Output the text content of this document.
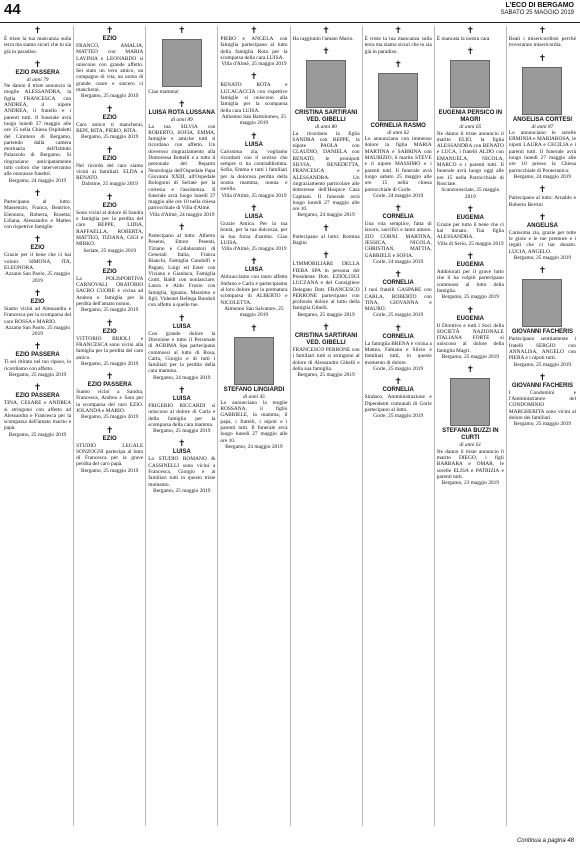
44	L'ECO DI BERGAMO
SABATO 25 MAGGIO 2019
✝
È triste la tua mancanza sulla terra ma siamo sicuri che tu sia già in paradiso.
✝
EZIO PASSERA
di anni 79
Ne danno il triste annuncio la moglie ALESSANDRA, la figlia FRANCESCA con ANDREA, il nipote ANDREA, il fratello e i parenti tutti. Il funerale avrà luogo lunedì 27 maggio alle ore 15 nella Chiesa Ospitaletti del Cimitero di Bergamo, partendo dalla camera mortuaria dell'Istituto Palazzolo di Bergamo. Si ringraziano anticipatamente tutti coloro che interverranno alle onoranze funebri.
Bergamo, 24 maggio 2019
✝
Partecipano al lutto: Massenzio, Franca, Beatrice, Eleonora, Roberta, Rosetta; Liliana, Alessandro e Matteo con rispettive famiglie
✝
EZIO
Grazie per il bene che ci hai voluto: SIMONA, ITA, ELEONORA.
Azzano San Paolo, 25 maggio 2019
✝
EZIO
Siamo vicini ad Alessandra e Francesca per la scomparsa del caro ROSSA e MARIO.
Azzano San Paolo, 25 maggio 2019
✝
EZIO PASSERA
Ti sei ritirato nel tuo riposo, lo ricordiamo con affetto.
Bergamo, 25 maggio 2019
✝
EZIO PASSERA
TINA, CESARE e ANDREA si stringono con affetto ad Alessandra e Francesca per la scomparsa dell'amato marito e papà.
Bergamo, 25 maggio 2019
✝
EZIO
FRANCO, AMALIA, MATTEO con MARIA LAVINIA e LEONARDO si uniscono con grande affetto. Sei stato un vero amico, un compagno di vita, un uomo di grande cuore e sincero ci mancherai.
Bergamo, 25 maggio 2019
✝
EZIO
Caro amico ti mancherai, BEPI, RITA, PIERO, RITA.
Bergamo, 25 maggio 2019
✝
EZIO
Nel ricordo del caro siamo vicini ai familiari. ELDA e RENATO.
Dalmine, 25 maggio 2019
✝
EZIO
Sono vicini al dolore di Sandra e famiglia per la perdita del caro BEPPE, LIDIA, RAFFAELLA, ROBERTA, MATTEO, TIZIANA, GIGI e MIRKO.
Seriate, 25 maggio 2019
✝
EZIO
La POLISPORTIVA CARNOVALI ORATORIO SACRO CUORE è vicina ad Andrea e famiglia per la perdita dell'amato nonno.
Bergamo, 25 maggio 2019
✝
EZIO
VITTORIO BRIOLI e FRANCESCA sono vicini alla famiglia per la perdita del caro amico.
Bergamo, 25 maggio 2019
✝
EZIO PASSERA
Siamo vicini a Sandra, Francesca, Andrea e Sara per la scomparsa del caro EZIO. JOLANDA e MARIO.
Bergamo, 25 maggio 2019
✝
EZIO
STUDIO LEGALE SONZOGNI partecipa al lutto di Francesca per la grave perdita del caro papà.
Bergamo, 25 maggio 2019
✝
Ciao mamma!
✝
LUISA ROTA LUSSANA
di anni 89
La tua SILVIA con ROBERTO, SOFIA, EMMA, famiglie e amiche tutti ti ricordano con affetto. Un doveroso ringraziamento alla Dottoressa Bottelli e a tutto il personale del Reparto Neurologia dell'Ospedale Papa Giovanni XXIII, all'Ospedale Bolognini di Seriate per la cortesia e l'assistenza. Il funerale avrà luogo lunedì 27 maggio alle ore 10 nella chiesa parrocchiale di Villa d'Almè.
Villa d'Almè, 24 maggio 2019
✝
Partecipano al lutto: Alberto Pesenti, Ettore Pesenti, Tiziano e Collaboratori di Generali Italia, Franca Bianchi, Famiglia Gandolfi e Pagani, Luigi ed Ester con Viviana e Gianluca, Famiglia Gotti, Baldi con nonlasciare, Laura e Aldo Frosio con famiglia, Ignazio, Massimo e figli, Videotel Bellega Bondoli con affetto a quelle tue.
✝
LUISA
Con grande dolore la Direzione e tutto il Personale di AGRIMA Spa partecipano commossi al lutto di Rosa, Carla, Giorgio e di tutti i familiari per la perdita della cara mamma.
Bergamo, 24 maggio 2019
✝
LUISA
FRIGERIO RICCARDI si uniscono al dolore di Carla e della famiglia per la scomparsa della cara mamma.
Bergamo, 25 maggio 2019
✝
LUISA
Lo STUDIO ROMANO & CASSINELLI sono vicini a Francesca, Giorgio e ai familiari tutti in questo triste momento.
Bergamo, 25 maggio 2019
✝
PIERO e ANGELA con famiglia partecipano al lutto della famiglia Rota per la scomparsa della cara LUISA.
Villa d'Almè, 25 maggio 2019
✝
RENATO ROTA e LUCACACCIA con rispettive famiglie si uniscono alla famiglia per la scomparsa della cara LUISA.
Almenno San Bartolomeo, 25 maggio 2019
✝
LUISA
Carissima zia, vogliamo ricordarti con il sorriso che sempre ti ha contraddistinta. Sofia, Emma e tutti i familiari per la dolorosa perdita della nostra mamma, nonna e sorella.
Villa d'Almè, 25 maggio 2019
✝
LUISA
Grazie Amica. Per la tua bontà, per la tua dolcezza, per la tua forza d'animo. Ciao LUISA.
Villa d'Almè, 25 maggio 2019
✝
LUISA
Abbracciamo con tanto affetto Stefano e Carla e partecipiamo al loro dolore per la prematura scomparsa di ALBERTO e NICOLETTA.
Almenno San Salvatore, 25 maggio 2019
✝
STEFANO LINGIARDI
di anni 45
Lo annunciano la moglie ROSSANA, il figlio GABRIELE, la mamma, il papà, i fratelli, i nipoti e i parenti tutti. Il funerale avrà luogo lunedì 27 maggio alle ore 10.
Bergamo, 24 maggio 2019
✝
Ha raggiunto l'amato Mario.
✝
CRISTINA SARTIRANI VED. GIBELLI
di anni 80
La ricordano la figlia SANDRA con BEPPE, la nipote PAOLA con CLAUDIO, DANIELA con RENATO, le pronipoti SILVIA, BENEDETTA, FRANCESCA e ALESSANDRA. Un ringraziamento particolare alle dottoresse dell'Hospice Casa Capitani. Il funerale avrà luogo lunedì 27 maggio alle ore 10.
Bergamo, 24 maggio 2019
✝
Partecipano al lutto: Romina Bagini
✝
L'IMMOBILIARE DELLA FIERA SPA in persona del Presidente Dott. EZIOLUIGI LUCZANA e del Consigliere Delegato Dott. FRANCESCO PERRONE partecipano con profondo dolore al lutto della famiglia Gibelli.
Bergamo, 25 maggio 2019
✝
CRISTINA SARTIRANI VED. GIBELLI
FRANCESCO PERRONE con i familiari tutti si stringono al dolore di Alessandro Gibelli e della sua famiglia.
Bergamo, 25 maggio 2019
✝
È triste la tua mancanza sulla terra ma siamo sicuri che tu sia già in paradiso.
✝
CORNELIA RASMO
di anni 62
Lo annunciano con immenso dolore la figlia MARIA MARTINA e SABRINA con MAURIZIO, il marito STEVE e il nipote MASSIMO e i parenti tutti. Il funerale avrà luogo sabato 25 maggio alle ore 15 nella chiesa parrocchiale di Gorle.
Gorle, 24 maggio 2019
✝
CORNELIA
Una vita semplice, fatta di lavoro, sacrifici e tanto amore. ZIO CORNI. MARTINA, JESSICA, NICOLA, CHRISTIAN, MATTIA, GABRIELE e SOFIA.
Gorle, 24 maggio 2019
✝
CORNELIA
I tuoi fratelli GASPARE con CARLA, ROBERTO con TINA, GIOVANNA e MAURO.
Gorle, 25 maggio 2019
✝
CORNELIA
La famiglia BRENA è vicina a Mattea, Fabiana e Silvio e familiari tutti, in questo momento di dolore.
Gorle, 25 maggio 2019
✝
CORNELIA
Sindaco, Amministrazione e Dipendenti comunali di Gorle partecipano al lutto.
Gorle, 25 maggio 2019
✝
È mancata la nostra cara
✝
EUGENIA PERSICO IN MAGRI
di anni 65
Ne danno il triste annuncio il marito ELIO, la figlia ALESSANDRA con RENATO e LUCA, i fratelli ALDO con EMANUELA, NICOLA, MARCO e i parenti tutti. Il funerale avrà luogo oggi alle ore 15 nella Parrocchiale di Rosciate.
Scanzorosciate, 25 maggio 2019
✝
EUGENIA
Grazie per tutto il bene che ci hai donato. Tua figlia ALESSANDRA.
Villa di Serio, 25 maggio 2019
✝
EUGENIA
Addolorati per il grave lutto che li ha colpiti partecipano commossi al lutto della famiglia.
Bergamo, 25 maggio 2019
✝
EUGENIA
Il Direttivo e tutti i Soci della SOCIETÀ NAZIONALE ITALIANA FORTE si uniscono al dolore della famiglia Magri.
Bergamo, 25 maggio 2019
✝
STEFANIA BUZZI IN CURTI
di anni 61
Ne danno il triste annuncio il marito DIEGO, i figli BARBARA e OMAR, le sorelle ELISA e PATRIZIA e parenti tutti.
Bergamo, 23 maggio 2019
✝
Beati i misericordiosi perché troveranno misericordia.
✝
ANGELISA CORTESI
di anni 87
Lo annunciano le sorelle ERMINIA e MARIAROSA, le nipoti LAURA e CECILIA e i parenti tutti. Il funerale avrà luogo lunedì 27 maggio alle ore 10 presso la Chiesa parrocchiale di Ponteranica.
Bergamo, 24 maggio 2019
✝
Partecipano al lutto: Arnaldo e Roberto Berrini
✝
ANGELISA
Carissima zia, grazie per tutte le gioie e le tue premure e i regali che ci hai donato. LUCIA, ANGELO.
Bergamo, 25 maggio 2019
✝
GIOVANNI FACHERIS
Partecipano sentitamente i fratelli SERGIO con ANNALISA, ANGELO con PIERA e i nipoti tutti.
Bergamo, 25 maggio 2019
✝
GIOVANNI FACHERIS
I Condomini e l'Amministratore del CONDOMINIO MARGHERITA sono vicini al dolore dei familiari.
Bergamo, 25 maggio 2019
Continua a pagina 48
